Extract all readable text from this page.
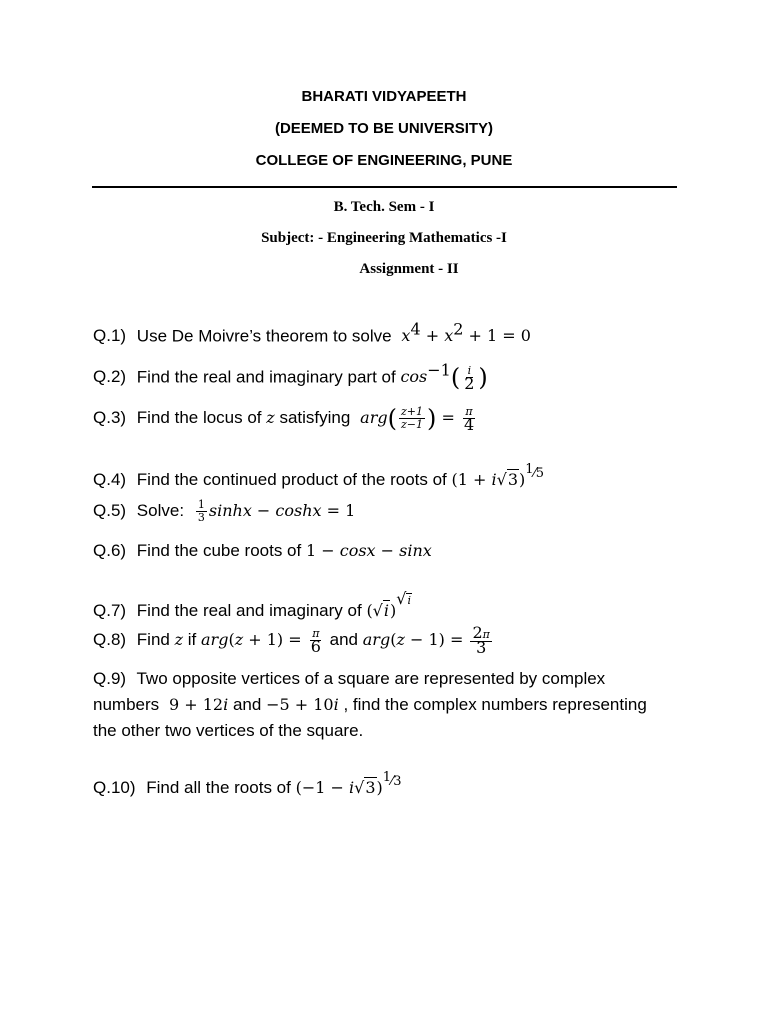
BHARATI VIDYAPEETH
(DEEMED TO BE UNIVERSITY)
COLLEGE OF ENGINEERING, PUNE
B. Tech. Sem - I
Subject: - Engineering Mathematics -I
Assignment - II
Q.1) Use De Moivre’s theorem to solve  $x^4 + x^2 + 1 = 0$
Q.2) Find the real and imaginary part of $\cos^{-1}( \frac{i}{2}$ )
Q.3) Find the locus of z satisfying  $arg( \frac{z+1}{z-1}$ ) = $\frac{\pi}{4}$
Q.4) Find the continued product of the roots of $(1 + i√3)^{1⁄5}$
Q.5) Solve: $\frac{1}{3}$ sinhx − coshx = 1
Q.6) Find the cube roots of 1 − cosx − sinx
Q.7) Find the real and imaginary of $(√i)^{√i}$
Q.8) Find z if $arg(z + 1) = \frac{\pi}{6}$ and $arg(z - 1) = \frac{2\pi}{3}$
Q.9) Two opposite vertices of a square are represented by complex numbers 9 + 12i and −5 + 10i , find the complex numbers representing the other two vertices of the square.
Q.10) Find all the roots of $(-1 - i√3)^{1⁄3}$
